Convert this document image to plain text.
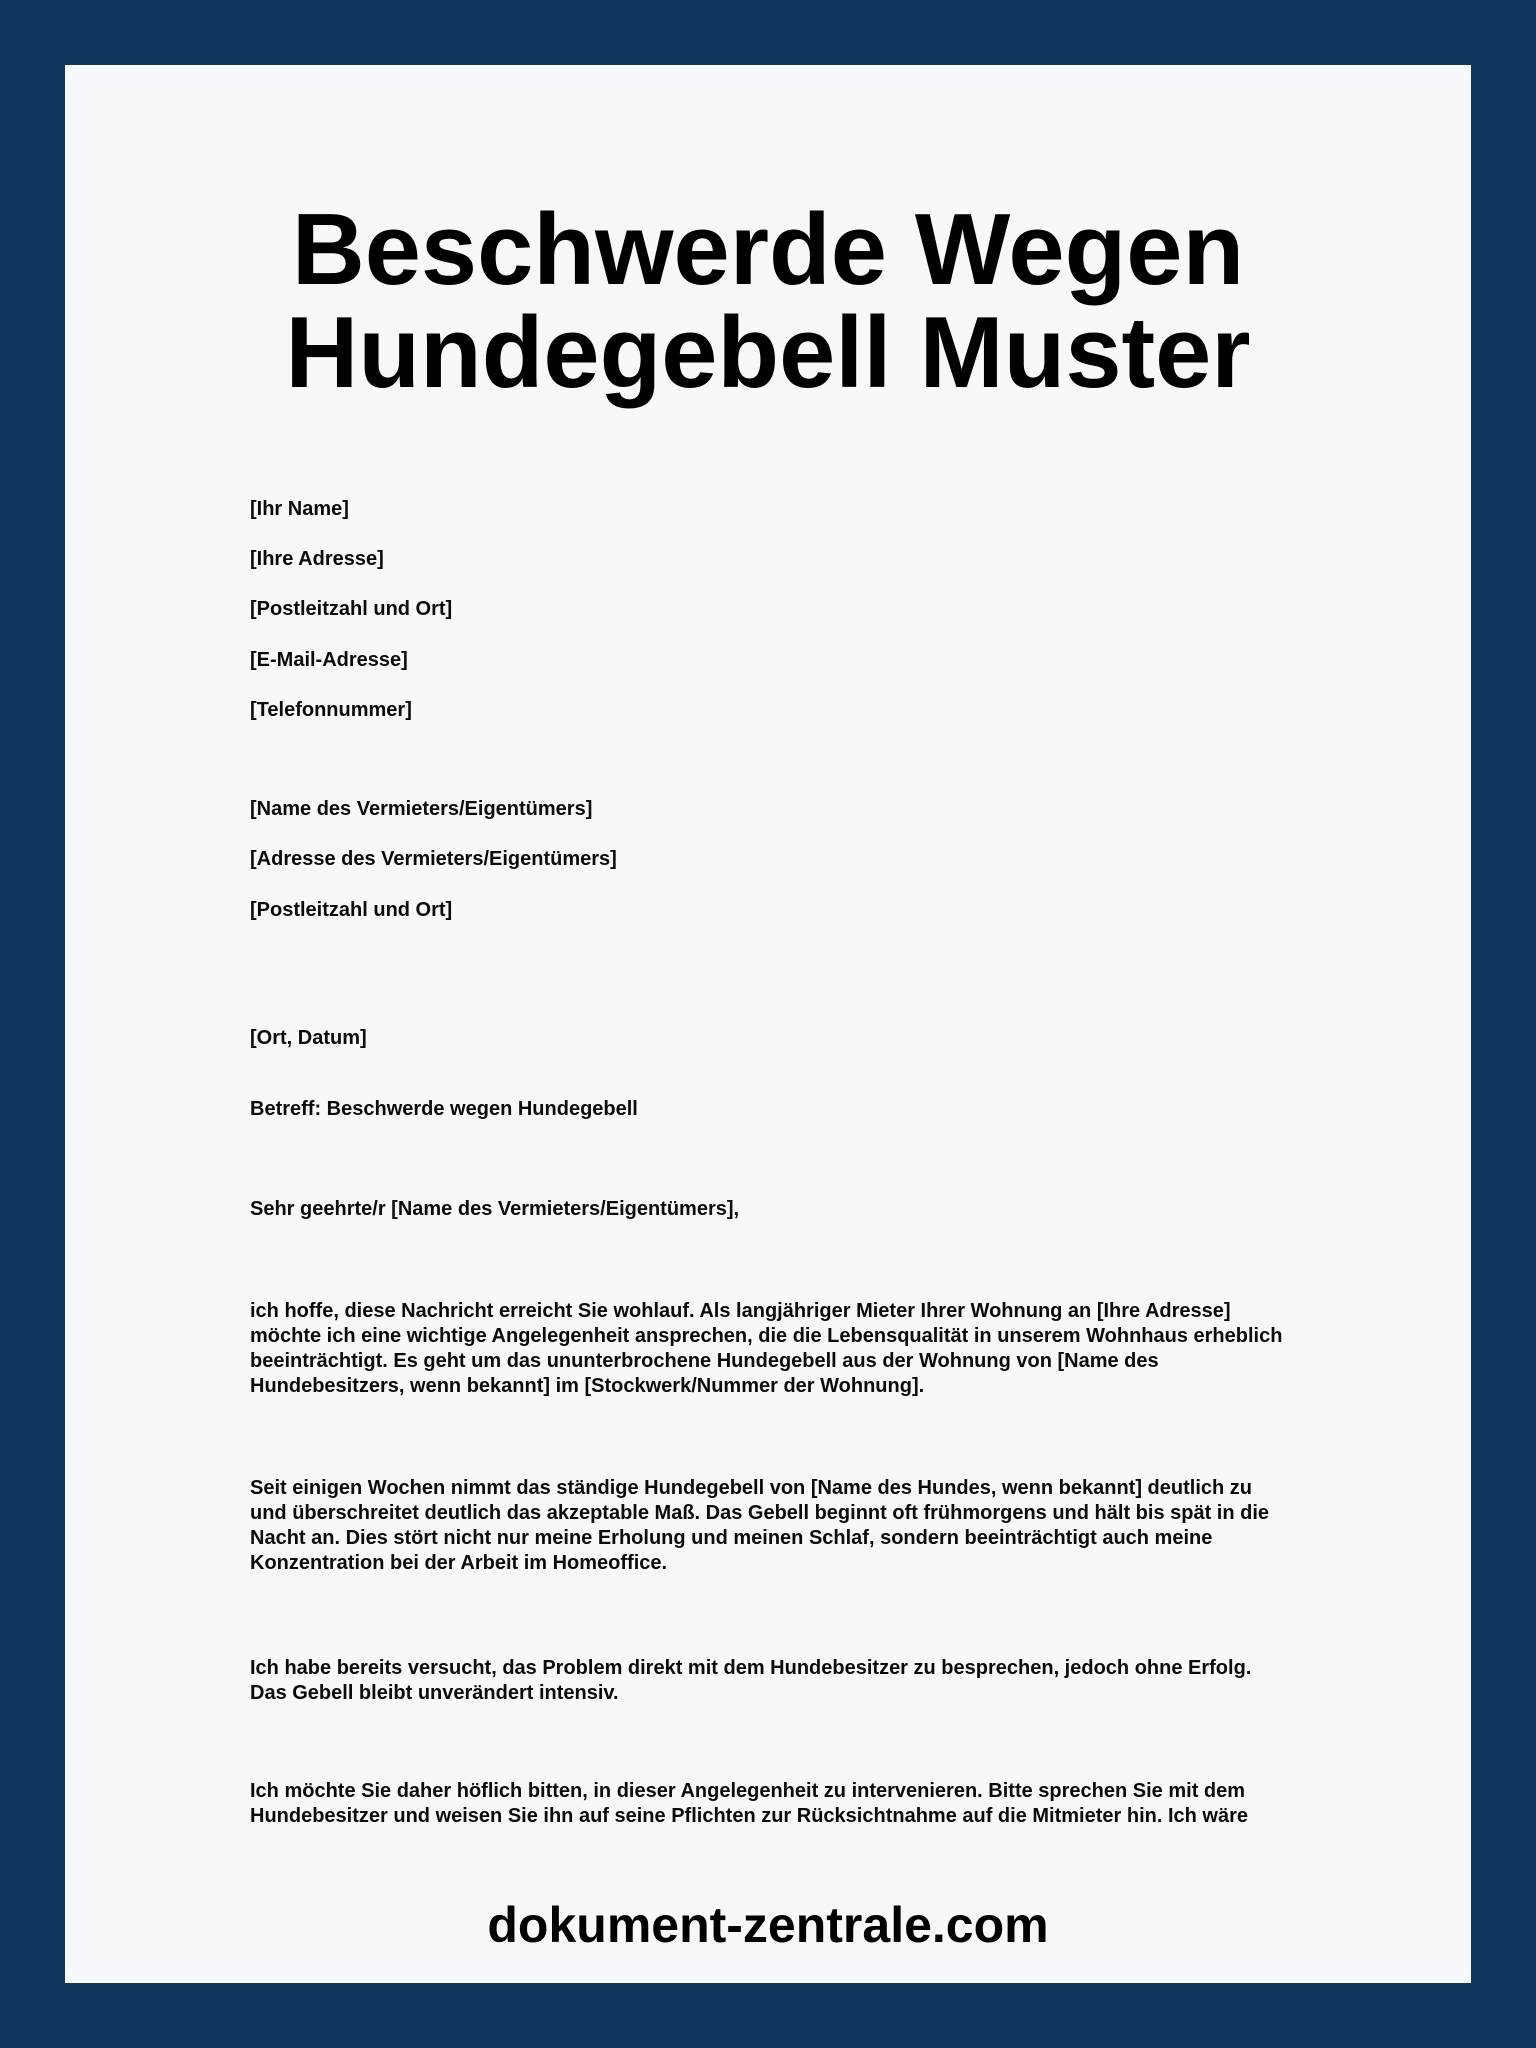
Beschwerde Wegen
Hundegebell Muster
[Ihr Name]
[Ihre Adresse]
[Postleitzahl und Ort]
[E-Mail-Adresse]
[Telefonnummer]
[Name des Vermieters/Eigentümers]
[Adresse des Vermieters/Eigentümers]
[Postleitzahl und Ort]
[Ort, Datum]
Betreff: Beschwerde wegen Hundegebell
Sehr geehrte/r [Name des Vermieters/Eigentümers],

ich hoffe, diese Nachricht erreicht Sie wohlauf. Als langjähriger Mieter Ihrer Wohnung an [Ihre Adresse] möchte ich eine wichtige Angelegenheit ansprechen, die die Lebensqualität in unserem Wohnhaus erheblich beeinträchtigt. Es geht um das ununterbrochene Hundegebell aus der Wohnung von [Name des Hundebesitzers, wenn bekannt] im [Stockwerk/Nummer der Wohnung].

Seit einigen Wochen nimmt das ständige Hundegebell von [Name des Hundes, wenn bekannt] deutlich zu und überschreitet deutlich das akzeptable Maß. Das Gebell beginnt oft frühmorgens und hält bis spät in die Nacht an. Dies stört nicht nur meine Erholung und meinen Schlaf, sondern beeinträchtigt auch meine Konzentration bei der Arbeit im Homeoffice.

Ich habe bereits versucht, das Problem direkt mit dem Hundebesitzer zu besprechen, jedoch ohne Erfolg. Das Gebell bleibt unverändert intensiv.

Ich möchte Sie daher höflich bitten, in dieser Angelegenheit zu intervenieren. Bitte sprechen Sie mit dem Hundebesitzer und weisen Sie ihn auf seine Pflichten zur Rücksichtnahme auf die Mitmieter hin. Ich wäre

dokument-zentrale.com
